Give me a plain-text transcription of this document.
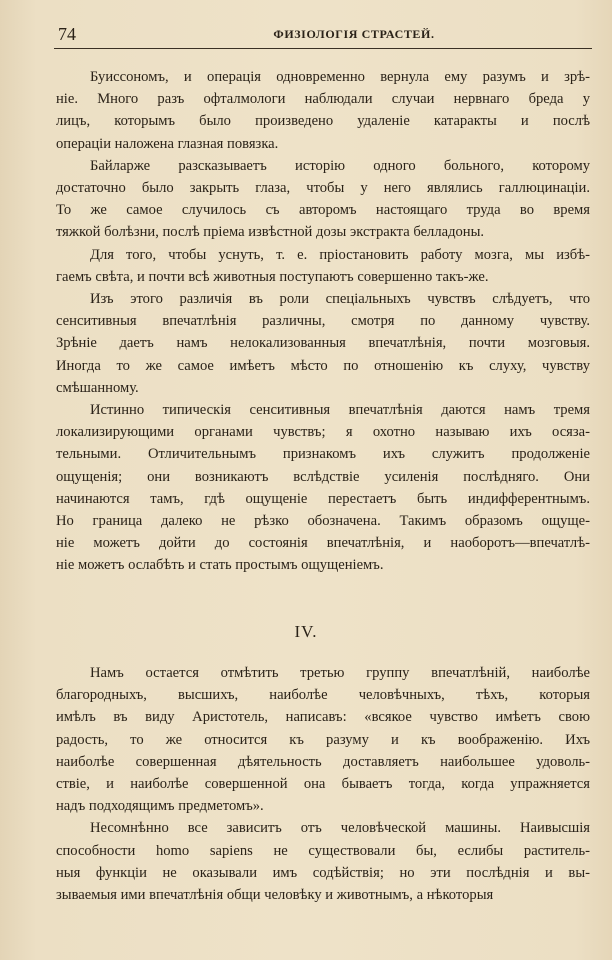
74	ФИЗІОЛОГІЯ СТРАСТЕЙ.
Буиссономъ, и операція одновременно вернула ему разумъ и зрѣ-
ніе. Много разъ офталмологи наблюдали случаи нервнаго бреда у
лицъ, которымъ было произведено удаленіе катаракты и послѣ
операціи наложена глазная повязка.
Байларже разсказываетъ исторію одного больного, которому
достаточно было закрыть глаза, чтобы у него являлись галлюцинаціи.
То же самое случилось съ авторомъ настоящаго труда во время
тяжкой болѣзни, послѣ пріема извѣстной дозы экстракта белладоны.
Для того, чтобы уснуть, т. е. пріостановить работу мозга, мы избѣ-
гаемъ свѣта, и почти всѣ животныя поступаютъ совершенно такъ-же.
Изъ этого различія въ роли спеціальныхъ чувствъ слѣдуетъ, что
сенситивныя впечатлѣнія различны, смотря по данному чувству.
Зрѣніе даетъ намъ нелокализованныя впечатлѣнія, почти мозговыя.
Иногда то же самое имѣетъ мѣсто по отношенію къ слуху, чувству
смѣшанному.
Истинно типическія сенситивныя впечатлѣнія даются намъ тремя
локализирующими органами чувствъ; я охотно называю ихъ осяза-
тельными. Отличительнымъ признакомъ ихъ служитъ продолженіе
ощущенія; они возникаютъ вслѣдствіе усиленія послѣдняго. Они
начинаются тамъ, гдѣ ощущеніе перестаетъ быть индифферентнымъ.
Но граница далеко не рѣзко обозначена. Такимъ образомъ ощуще-
ніе можетъ дойти до состоянія впечатлѣнія, и наоборотъ—впечатлѣ-
ніе можетъ ослабѣть и стать простымъ ощущеніемъ.
IV.
Намъ остается отмѣтить третью группу впечатлѣній, наиболѣе
благородныхъ, высшихъ, наиболѣе человѣчныхъ, тѣхъ, которыя
имѣлъ въ виду Аристотель, написавъ: «всякое чувство имѣетъ свою
радость, то же относится къ разуму и къ воображенію. Ихъ
наиболѣе совершенная дѣятельность доставляетъ наибольшее удоволь-
ствіе, и наиболѣе совершенной она бываетъ тогда, когда упражняется
надъ подходящимъ предметомъ».
Несомнѣнно все зависитъ отъ человѣческой машины. Наивысшія
способности homo sapiens не существовали бы, еслибы раститель-
ныя функціи не оказывали имъ содѣйствія; но эти послѣднія и вы-
зываемыя ими впечатлѣнія общи человѣку и животнымъ, а нѣкоторыя
